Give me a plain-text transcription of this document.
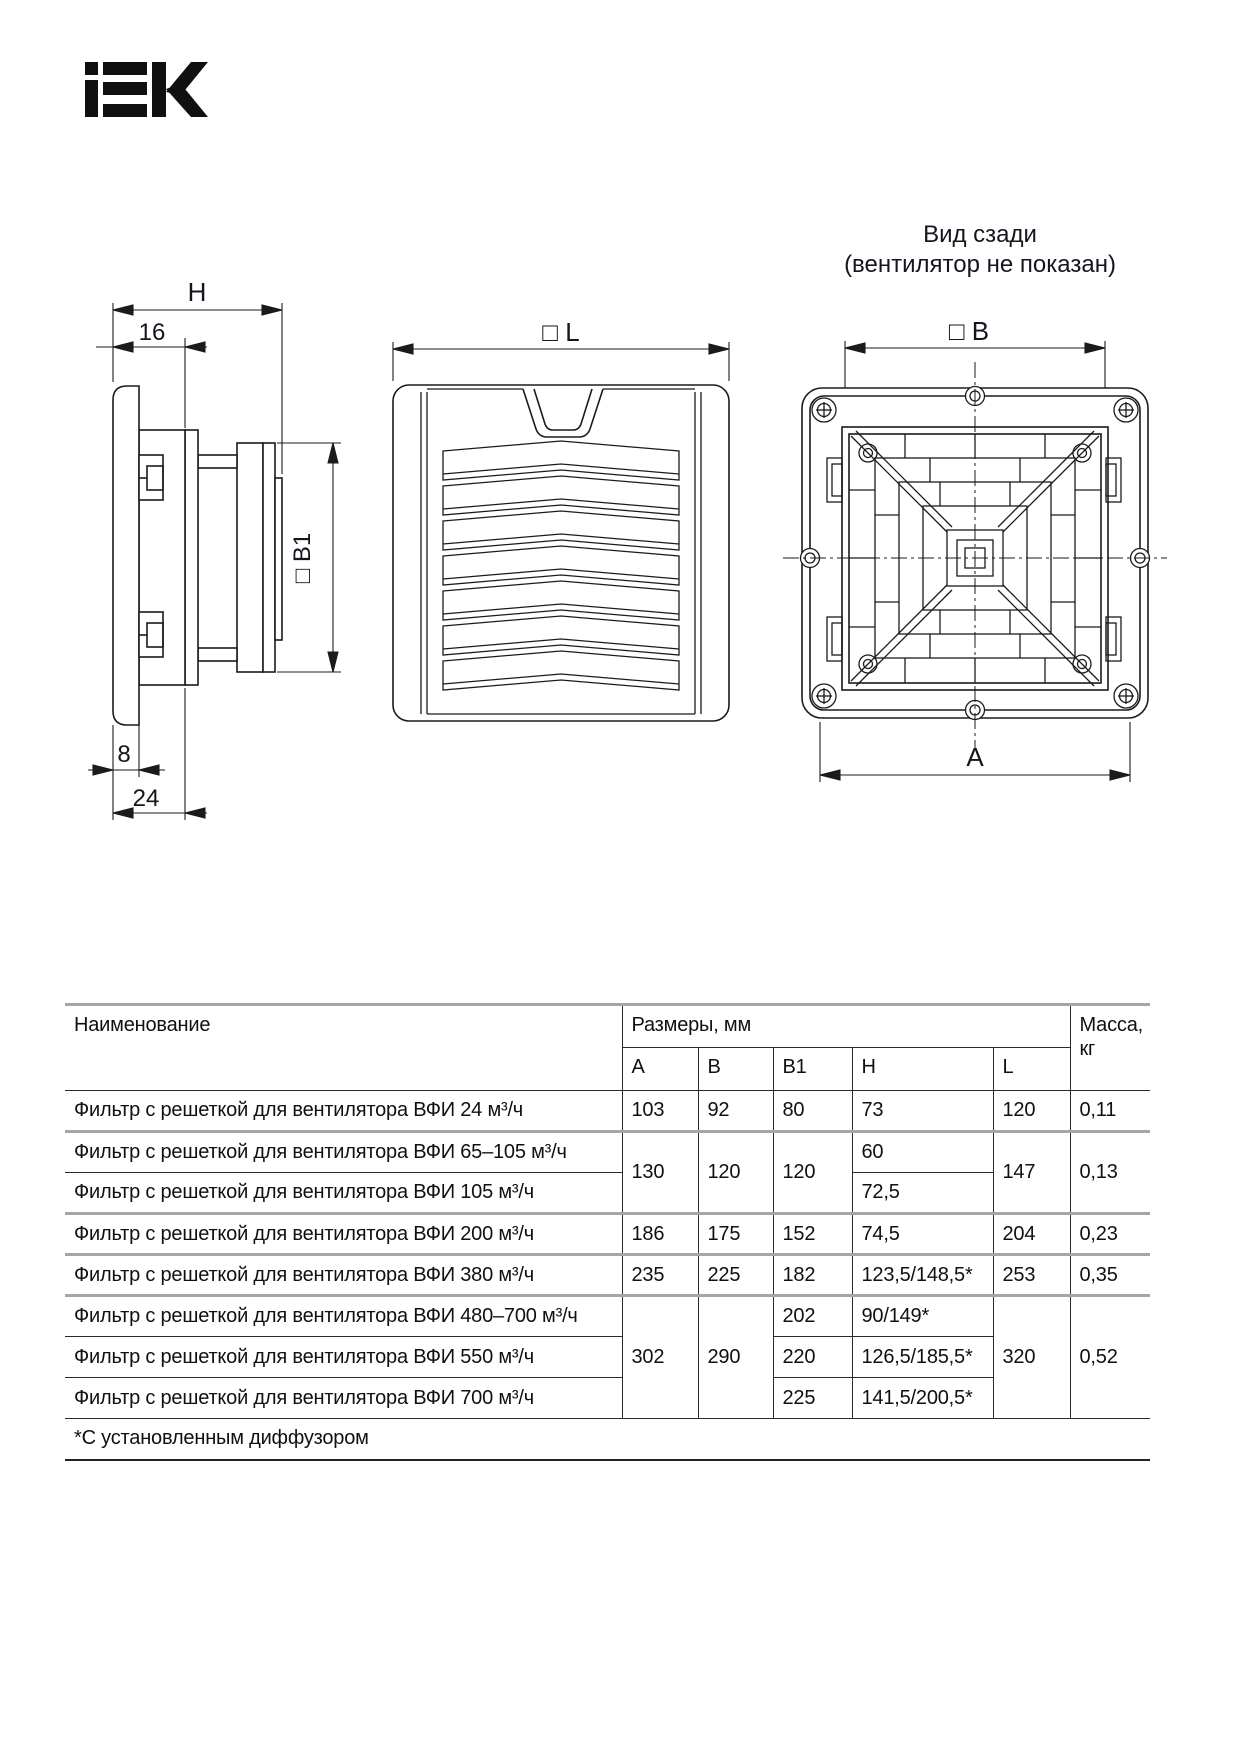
H
16
□ B1
8
24
□ L	□ B
A
Вид сзади
(вентилятор не показан)
Наименование	Размеры, мм					Масса, кг
	A	B	B1	H	L	
Фильтр с решеткой для вентилятора ВФИ 24 м³/ч	103	92	80	73	120	0,11
Фильтр с решеткой для вентилятора ВФИ 65–105 м³/ч	130	120	120	60	147	0,13
Фильтр с решеткой для вентилятора ВФИ 105 м³/ч				72,5		
Фильтр с решеткой для вентилятора ВФИ 200 м³/ч	186	175	152	74,5	204	0,23
Фильтр с решеткой для вентилятора ВФИ 380 м³/ч	235	225	182	123,5/148,5*	253	0,35
Фильтр с решеткой для вентилятора ВФИ 480–700 м³/ч	302	290	202	90/149*	320	0,52
Фильтр с решеткой для вентилятора ВФИ 550 м³/ч			220	126,5/185,5*		
Фильтр с решеткой для вентилятора ВФИ 700 м³/ч			225	141,5/200,5*		
*С установленным диффузором						
